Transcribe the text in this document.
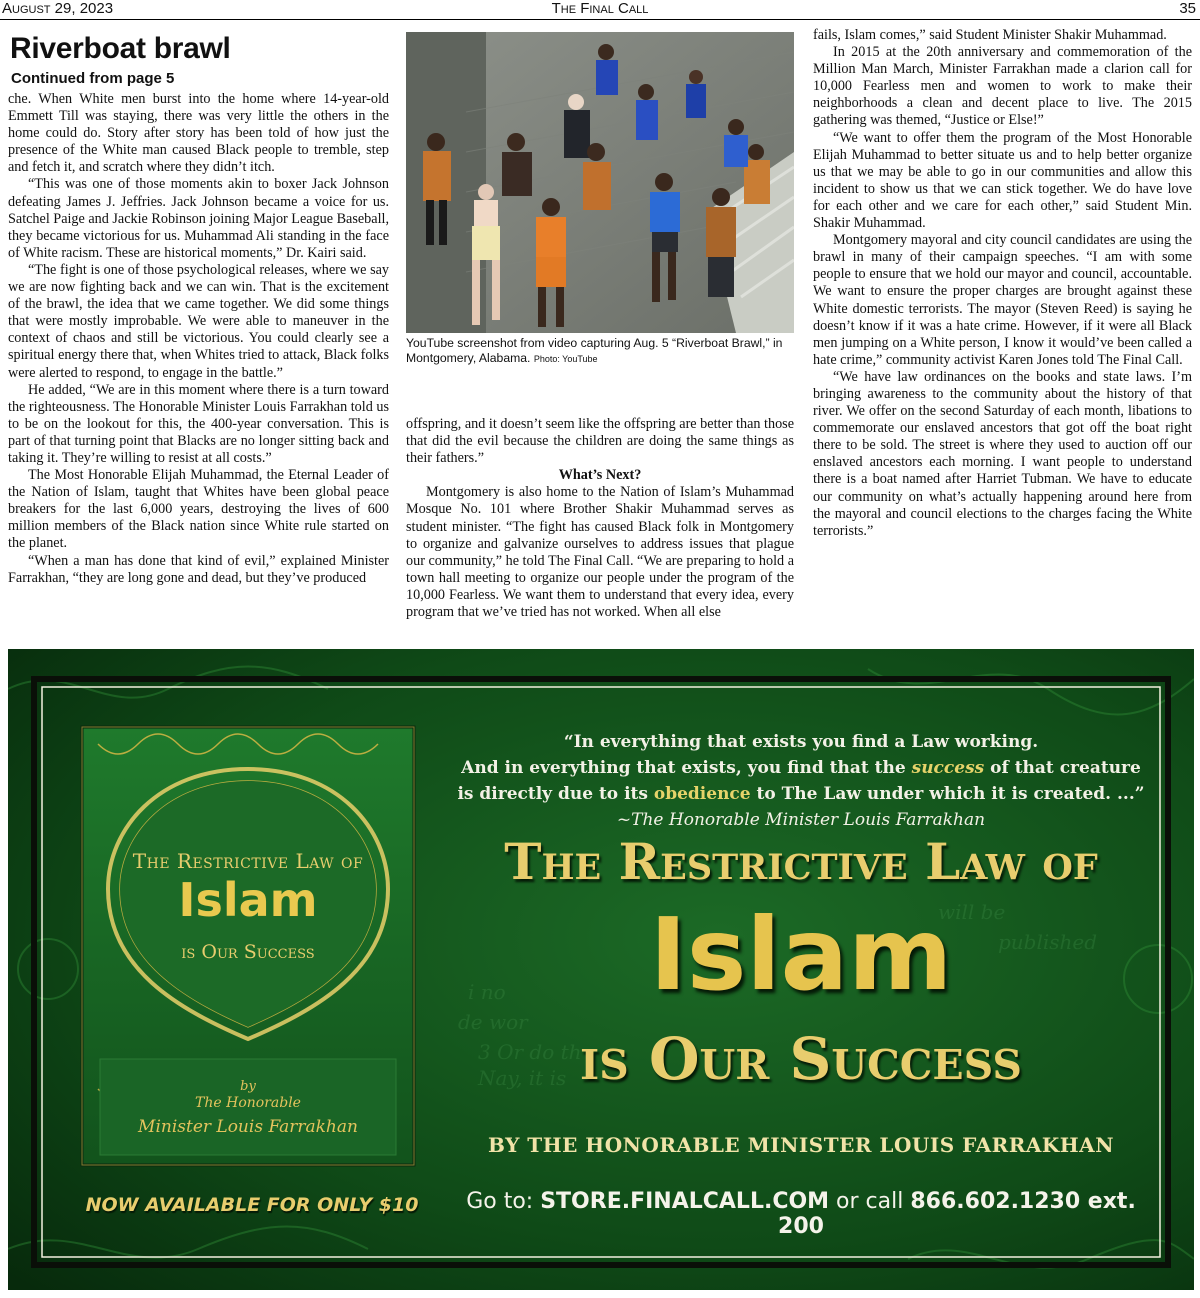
August 29, 2023	The Final Call	35
Riverboat brawl
Continued from page 5

che. When White men burst into the home where 14-year-old Emmett Till was staying, there was very little the others in the home could do. Story after story has been told of how just the presence of the White man caused Black people to tremble, step and fetch it, and scratch where they didn’t itch.

“This was one of those moments akin to boxer Jack Johnson defeating James J. Jeffries. Jack Johnson became a voice for us. Satchel Paige and Jackie Robinson joining Major League Baseball, they became victorious for us. Muhammad Ali standing in the face of White racism. These are historical moments,” Dr. Kairi said.

“The fight is one of those psychological releases, where we say we are now fighting back and we can win. That is the excitement of the brawl, the idea that we came together. We did some things that were mostly improbable. We were able to maneuver in the context of chaos and still be victorious. You could clearly see a spiritual energy there that, when Whites tried to attack, Black folks were alerted to respond, to engage in the battle.”

He added, “We are in this moment where there is a turn toward the righteousness. The Honorable Minister Louis Farrakhan told us to be on the lookout for this, the 400-year conversation. This is part of that turning point that Blacks are no longer sitting back and taking it. They’re willing to resist at all costs.”

The Most Honorable Elijah Muhammad, the Eternal Leader of the Nation of Islam, taught that Whites have been global peace breakers for the last 6,000 years, destroying the lives of 600 million members of the Black nation since White rule started on the planet.

“When a man has done that kind of evil,” explained Minister Farrakhan, “they are long gone and dead, but they’ve produced

YouTube screenshot from video capturing Aug. 5 “Riverboat Brawl,” in Montgomery, Alabama. Photo: YouTube

offspring, and it doesn’t seem like the offspring are better than those that did the evil because the children are doing the same things as their fathers.”

What’s Next?

Montgomery is also home to the Nation of Islam’s Muhammad Mosque No. 101 where Brother Shakir Muhammad serves as student minister. “The fight has caused Black folk in Montgomery to organize and galvanize ourselves to address issues that plague our community,” he told The Final Call. “We are preparing to hold a town hall meeting to organize our people under the program of the 10,000 Fearless. We want them to understand that every idea, every program that we’ve tried has not worked. When all else

fails, Islam comes,” said Student Minister Shakir Muhammad.

In 2015 at the 20th anniversary and commemoration of the Million Man March, Minister Farrakhan made a clarion call for 10,000 Fearless men and women to work to make their neighborhoods a clean and decent place to live. The 2015 gathering was themed, “Justice or Else!”

“We want to offer them the program of the Most Honorable Elijah Muhammad to better situate us and to help better organize us that we may be able to go in our communities and allow this incident to show us that we can stick together. We do have love for each other and we care for each other,” said Student Min. Shakir Muhammad.

Montgomery mayoral and city council candidates are using the brawl in many of their campaign speeches. “I am with some people to ensure that we hold our mayor and council, accountable. We want to ensure the proper charges are brought against these White domestic terrorists. The mayor (Steven Reed) is saying he doesn’t know if it was a hate crime. However, if it were all Black men jumping on a White person, I know it would’ve been called a hate crime,” community activist Karen Jones told The Final Call.

“We have law ordinances on the books and state laws. I’m bringing awareness to the community about the history of that river. We offer on the second Saturday of each month, libations to commemorate our enslaved ancestors that got off the boat right there to be sold. The street is where they used to auction off our enslaved ancestors each morning. I want people to understand there is a boat named after Harriet Tubman. We have to educate our community on what’s actually happening around here from the mayoral and council elections to the charges facing the White terrorists.”

i no
de wor
3 Or do th
Nay, it is
will be
published
The Restrictive Law of
Islam
is Our Success
by
The Honorable
Minister Louis Farrakhan
“In everything that exists you find a Law working.
And in everything that exists, you find that the success of that creature
is directly due to its obedience to The Law under which it is created. ...”
~The Honorable Minister Louis Farrakhan
The Restrictive Law of
Islam
is Our Success
BY THE HONORABLE MINISTER LOUIS FARRAKHAN
NOW AVAILABLE FOR ONLY $10	Go to: STORE.FINALCALL.COM or call 866.602.1230 ext. 200
